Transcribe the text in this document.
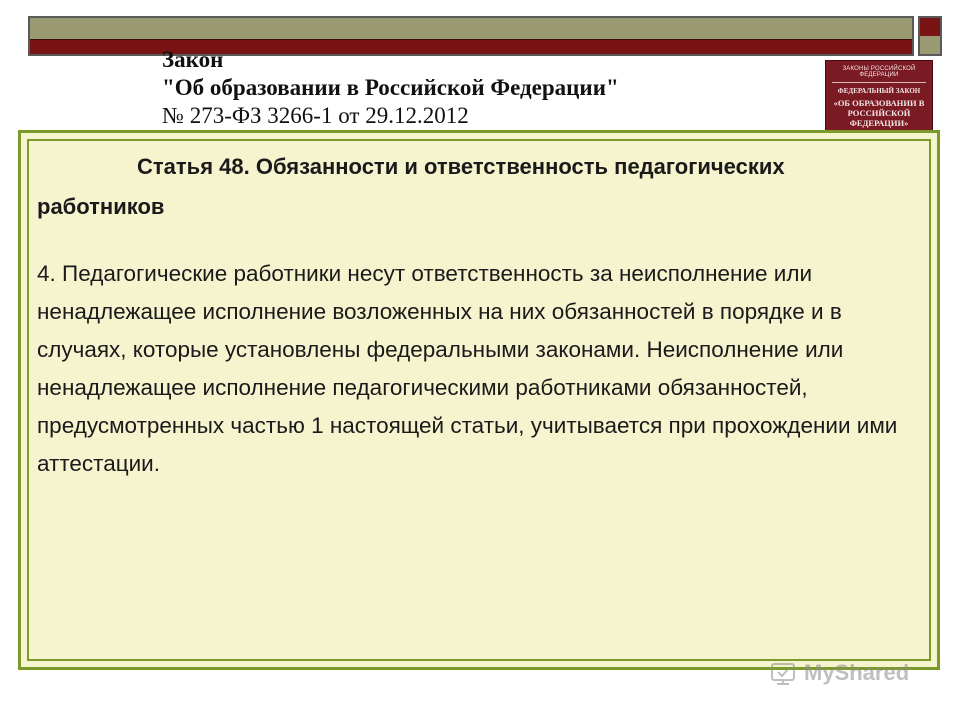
Закон
"Об образовании в Российской Федерации"
№ 273-ФЗ 3266-1 от 29.12.2012
ЗАКОНЫ РОССИЙСКОЙ ФЕДЕРАЦИИ
ФЕДЕРАЛЬНЫЙ ЗАКОН
«ОБ ОБРАЗОВАНИИ В РОССИЙСКОЙ ФЕДЕРАЦИИ»
Статья 48. Обязанности и ответственность педагогических работников
4. Педагогические работники несут ответственность за неисполнение или ненадлежащее исполнение возложенных на них обязанностей в порядке и в случаях, которые установлены федеральными законами. Неисполнение или ненадлежащее исполнение педагогическими работниками обязанностей, предусмотренных частью 1 настоящей статьи, учитывается при прохождении ими аттестации.
MyShared
